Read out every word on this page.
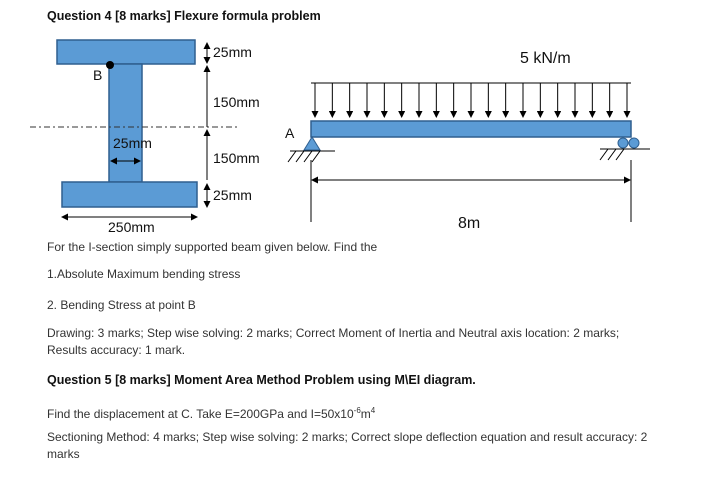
Question 4 [8 marks] Flexure formula problem
25mm
B
150mm
25mm
150mm
25mm
250mm
5 kN/m
A
8m
For the I-section simply supported beam given below. Find the
1.Absolute Maximum bending stress
2. Bending Stress at point B
Drawing: 3 marks; Step wise solving: 2 marks; Correct Moment of Inertia and Neutral axis location: 2 marks;
Results accuracy: 1 mark.
Question 5 [8 marks] Moment Area Method Problem using M\EI diagram.
Find the displacement at C. Take E=200GPa and $I=50x10^{-6}m^4$
Sectioning Method: 4 marks; Step wise solving: 2 marks; Correct slope deflection equation and result accuracy: 2
marks
